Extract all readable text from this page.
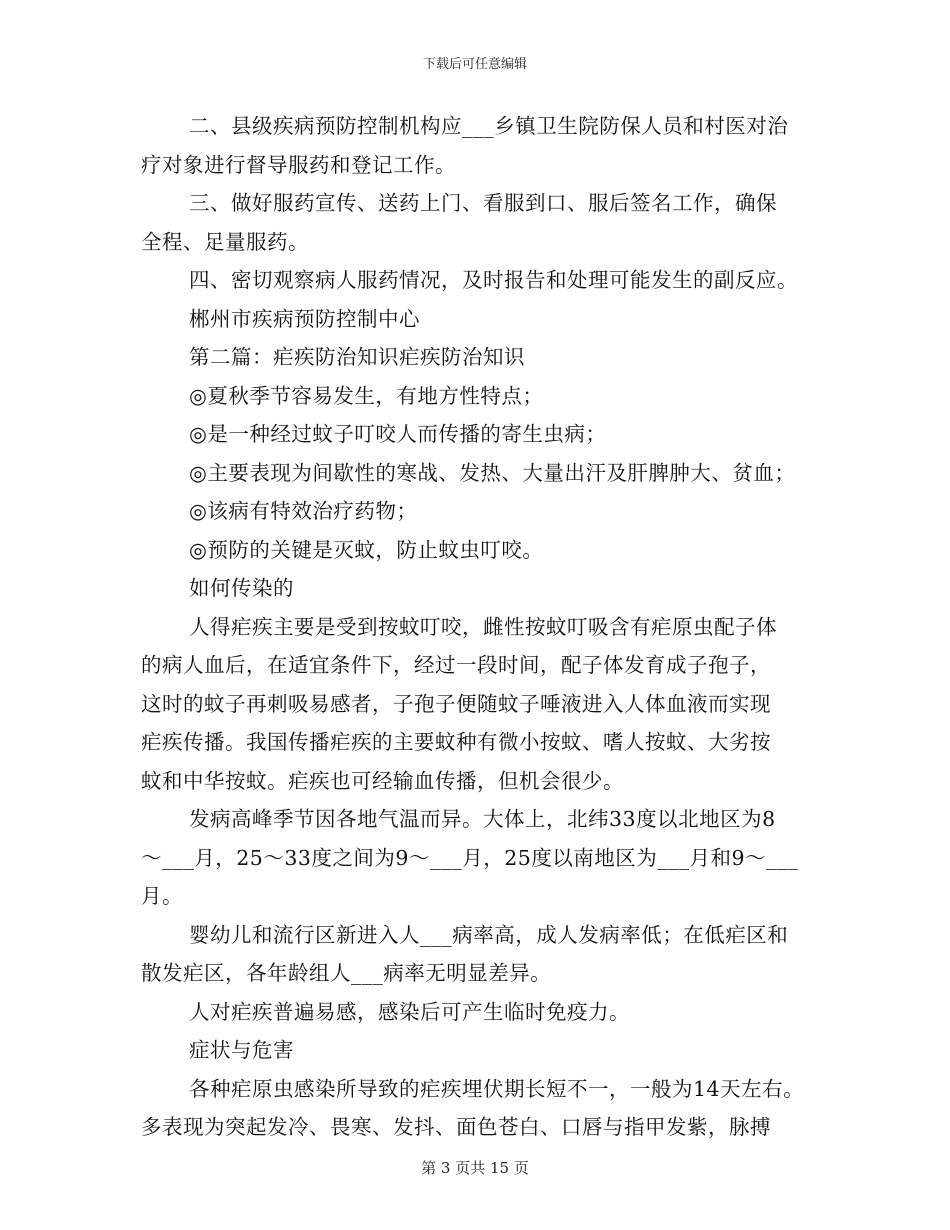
下载后可任意编辑
二、县级疾病预防控制机构应___乡镇卫生院防保人员和村医对治
疗对象进行督导服药和登记工作。
三、做好服药宣传、送药上门、看服到口、服后签名工作，确保
全程、足量服药。
四、密切观察病人服药情况，及时报告和处理可能发生的副反应。
郴州市疾病预防控制中心
第二篇：疟疾防治知识疟疾防治知识
◎夏秋季节容易发生，有地方性特点；
◎是一种经过蚊子叮咬人而传播的寄生虫病；
◎主要表现为间歇性的寒战、发热、大量出汗及肝脾肿大、贫血；
◎该病有特效治疗药物；
◎预防的关键是灭蚊，防止蚊虫叮咬。
如何传染的
人得疟疾主要是受到按蚊叮咬，雌性按蚊叮吸含有疟原虫配子体
的病人血后，在适宜条件下，经过一段时间，配子体发育成子孢子，
这时的蚊子再刺吸易感者，子孢子便随蚊子唾液进入人体血液而实现
疟疾传播。我国传播疟疾的主要蚊种有微小按蚊、嗜人按蚊、大劣按
蚊和中华按蚊。疟疾也可经输血传播，但机会很少。
发病高峰季节因各地气温而异。大体上，北纬33度以北地区为8
～___月，25～33度之间为9～___月，25度以南地区为___月和9～___
月。
婴幼儿和流行区新进入人___病率高，成人发病率低；在低疟区和
散发疟区，各年龄组人___病率无明显差异。
人对疟疾普遍易感，感染后可产生临时免疫力。
症状与危害
各种疟原虫感染所导致的疟疾埋伏期长短不一，一般为14天左右。
多表现为突起发冷、畏寒、发抖、面色苍白、口唇与指甲发紫，脉搏
第 3 页共 15 页
